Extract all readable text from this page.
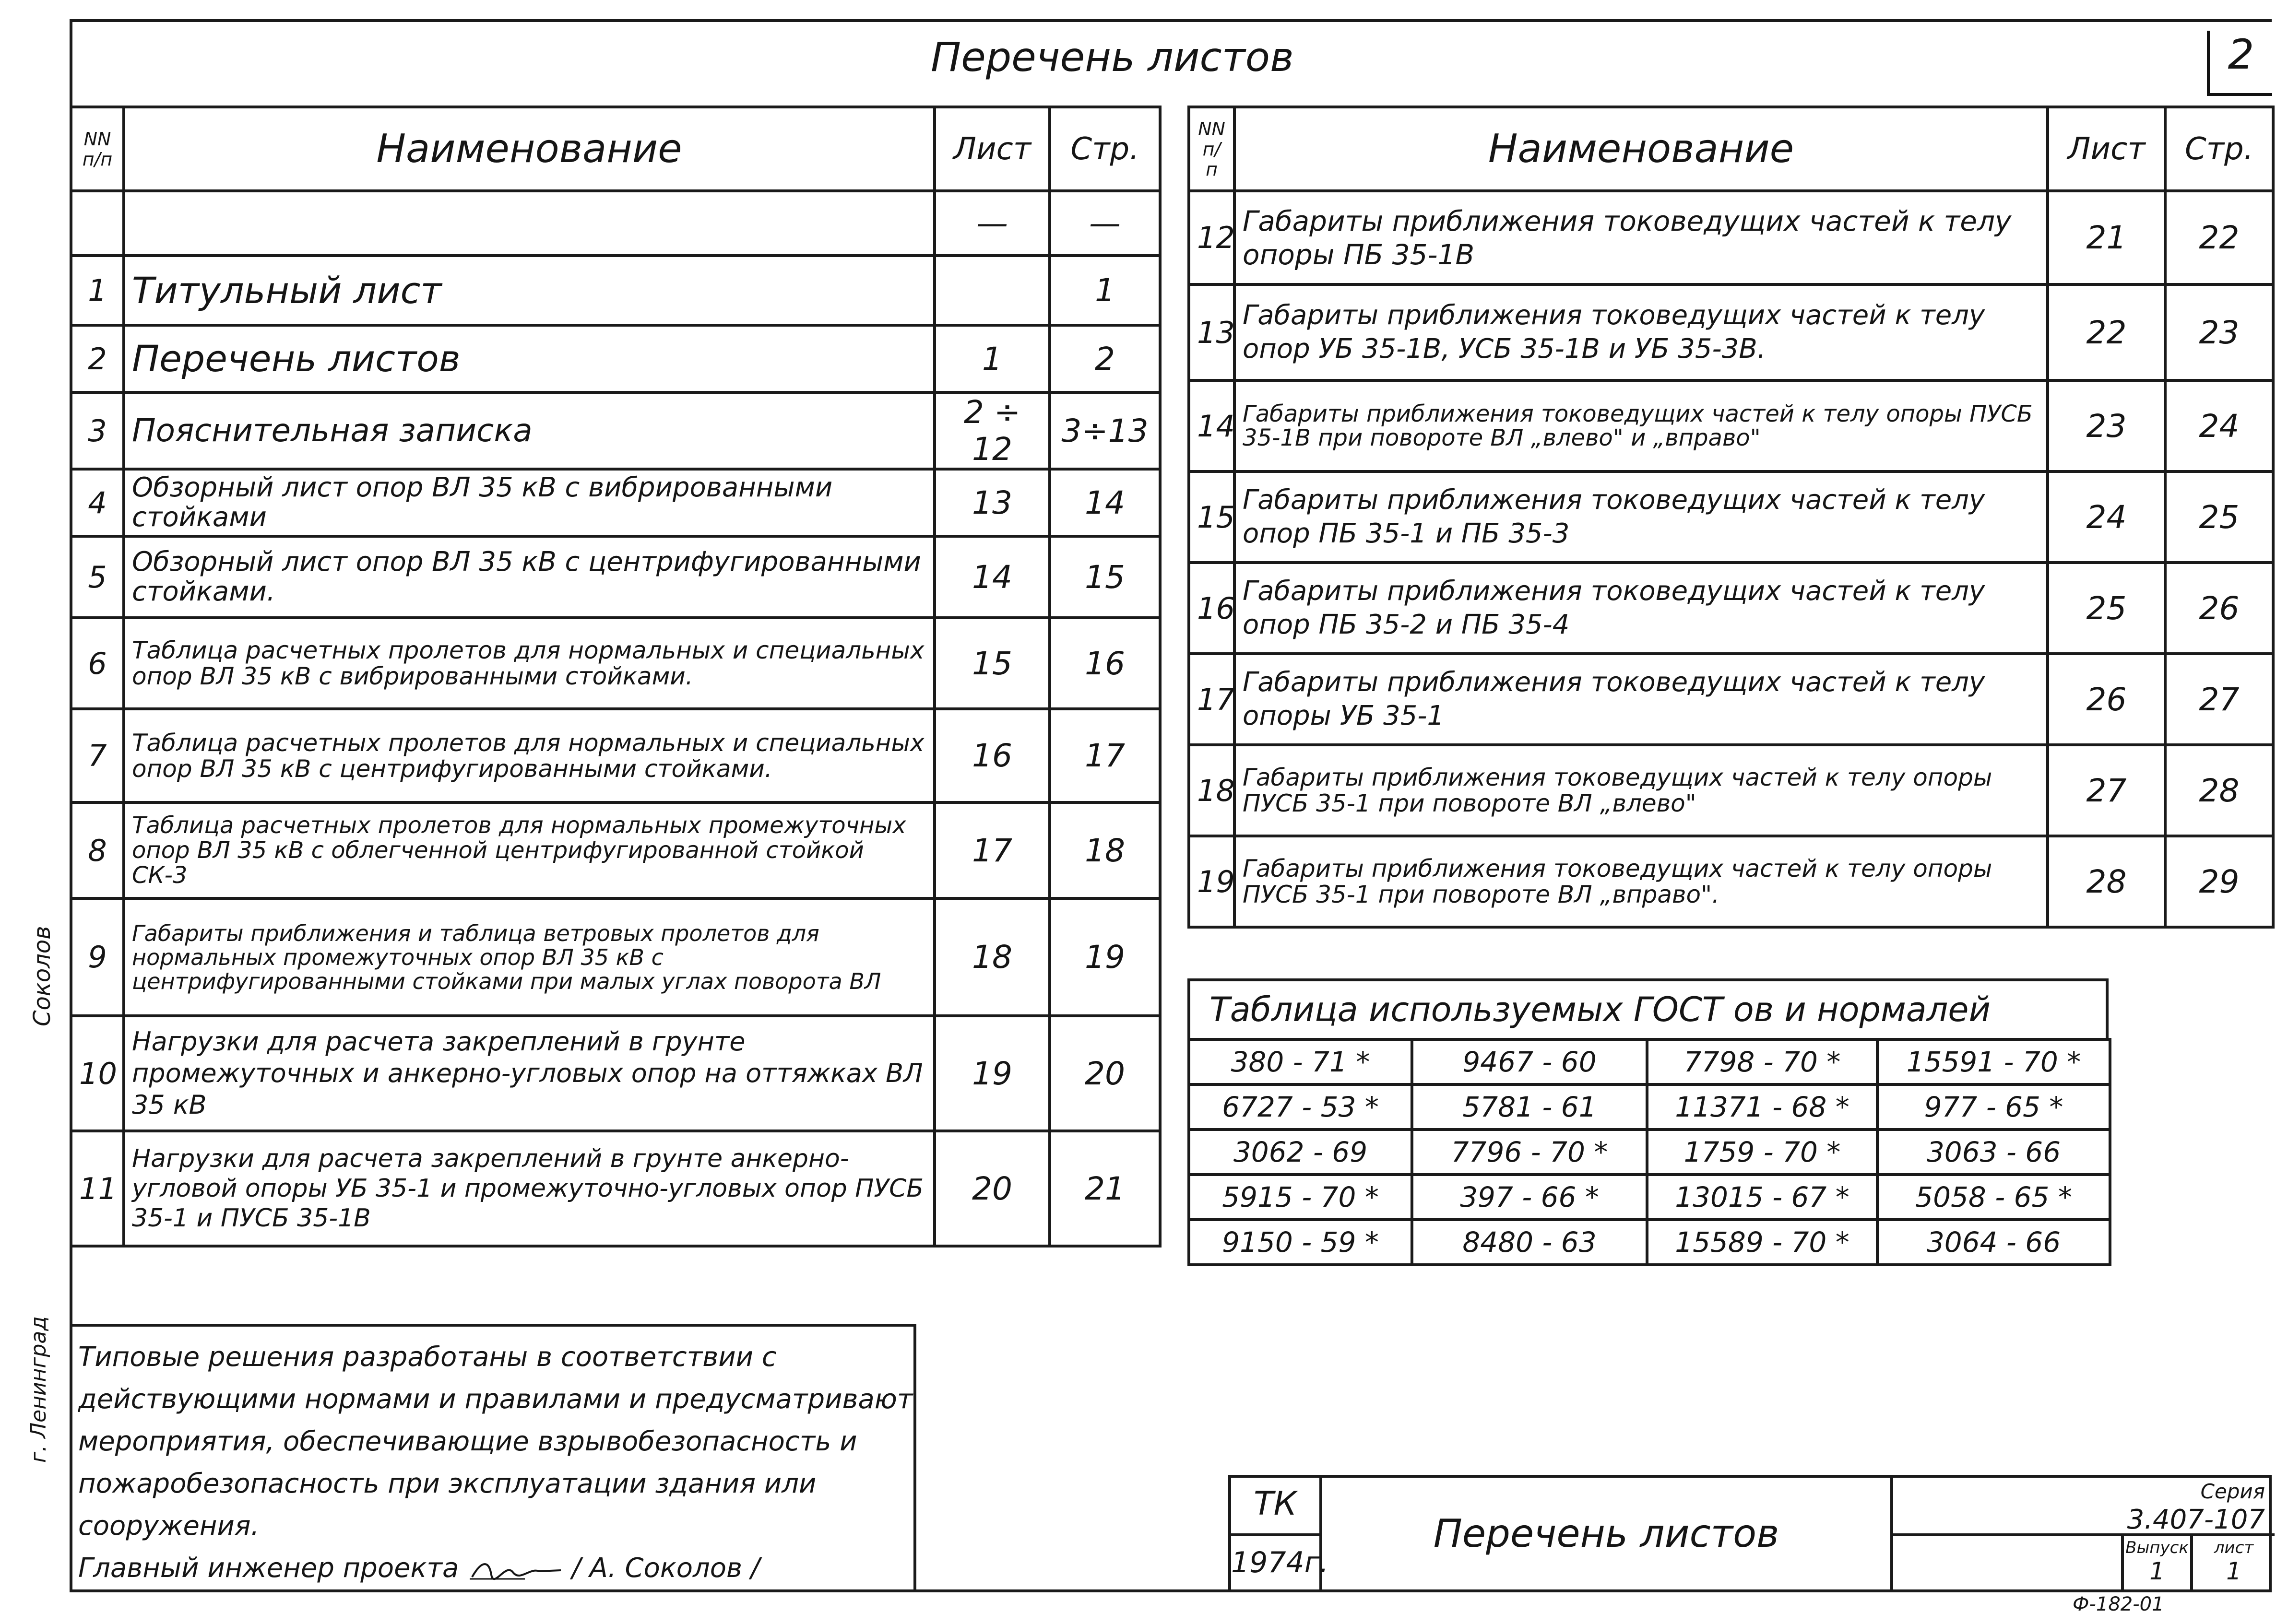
Перечень листов	2
NN п/п	Наименование	Лист	Стр.
		—	—
1	Титульный лист		1
2	Перечень листов	1	2
3	Пояснительная записка	2 ÷ 12	3÷13
4	Обзорный лист опор ВЛ 35 кВ с вибрированными стойками	13	14
5	Обзорный лист опор ВЛ 35 кВ с центрифугированными стойками.	14	15
6	Таблица расчетных пролетов для нормальных и специальных опор ВЛ 35 кВ с вибрированными стойками.	15	16
7	Таблица расчетных пролетов для нормальных и специальных опор ВЛ 35 кВ с центрифугированными стойками.	16	17
8	Таблица расчетных пролетов для нормальных промежуточных опор ВЛ 35 кВ с облегченной центрифугированной стойкой СК-3	17	18
9	Габариты приближения и таблица ветровых пролетов для нормальных промежуточных опор ВЛ 35 кВ с центрифугированными стойками при малых углах поворота ВЛ	18	19
10	Нагрузки для расчета закреплений в грунте промежуточных и анкерно-угловых опор на оттяжках ВЛ 35 кВ	19	20
11	Нагрузки для расчета закреплений в грунте анкерно-угловой опоры УБ 35-1 и промежуточно-угловых опор ПУСБ 35-1 и ПУСБ 35-1В	20	21
NN п/п	Наименование	Лист	Стр.
12	Габариты приближения токоведущих частей к телу опоры ПБ 35-1В	21	22
13	Габариты приближения токоведущих частей к телу опор УБ 35-1В, УСБ 35-1В и УБ 35-3В.	22	23
14	Габариты приближения токоведущих частей к телу опоры ПУСБ 35-1В при повороте ВЛ „влево" и „вправо"	23	24
15	Габариты приближения токоведущих частей к телу опор ПБ 35-1 и ПБ 35-3	24	25
16	Габариты приближения токоведущих частей к телу опор ПБ 35-2 и ПБ 35-4	25	26
17	Габариты приближения токоведущих частей к телу опоры УБ 35-1	26	27
18	Габариты приближения токоведущих частей к телу опоры ПУСБ 35-1 при повороте ВЛ „влево"	27	28
19	Габариты приближения токоведущих частей к телу опоры ПУСБ 35-1 при повороте ВЛ „вправо".	28	29
Таблица используемых ГОСТ ов и нормалей
380 - 71 *	9467 - 60	7798 - 70 *	15591 - 70 *
6727 - 53 *	5781 - 61	11371 - 68 *	977 - 65 *
3062 - 69	7796 - 70 *	1759 - 70 *	3063 - 66
5915 - 70 *	397 - 66 *	13015 - 67 *	5058 - 65 *
9150 - 59 *	8480 - 63	15589 - 70 *	3064 - 66
Типовые решения разработаны в соответствии с действующими нормами и правилами и предусматривают мероприятия, обеспечивающие взрывобезопасность и пожаробезопасность при эксплуатации здания или сооружения.
Главный инженер проекта	/ А. Соколов /
ТК
1974г.
Перечень листов
Серия
3.407-107
Выпуск
1
лист
1
Ф-182-01
г. Ленинград
Соколов
